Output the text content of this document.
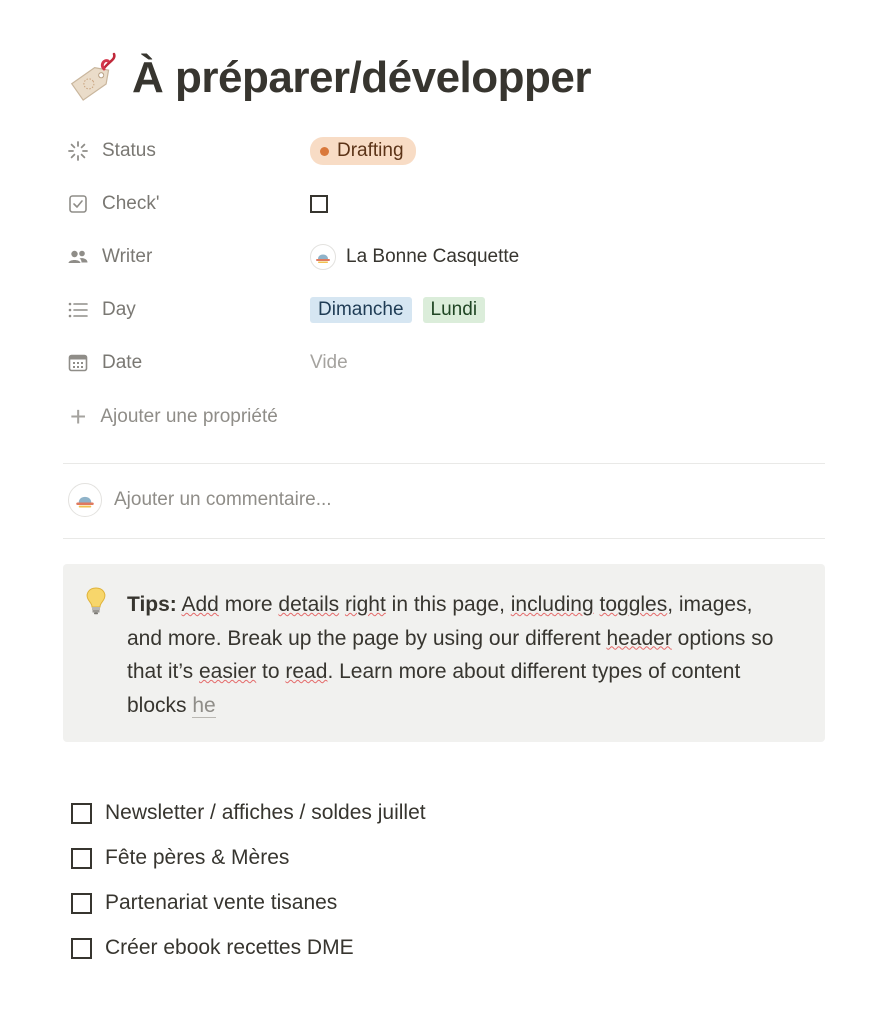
À préparer/développer
Status	Drafting
Check'
Writer	La Bonne Casquette
Day	Dimanche	Lundi
Date	Vide
+ Ajouter une propriété
Ajouter un commentaire...
Tips: Add more details right in this page, including toggles, images, and more. Break up the page by using our different header options so that it’s easier to read. Learn more about different types of content blocks he
Newsletter / affiches / soldes juillet
Fête pères & Mères
Partenariat vente tisanes
Créer ebook recettes DME
